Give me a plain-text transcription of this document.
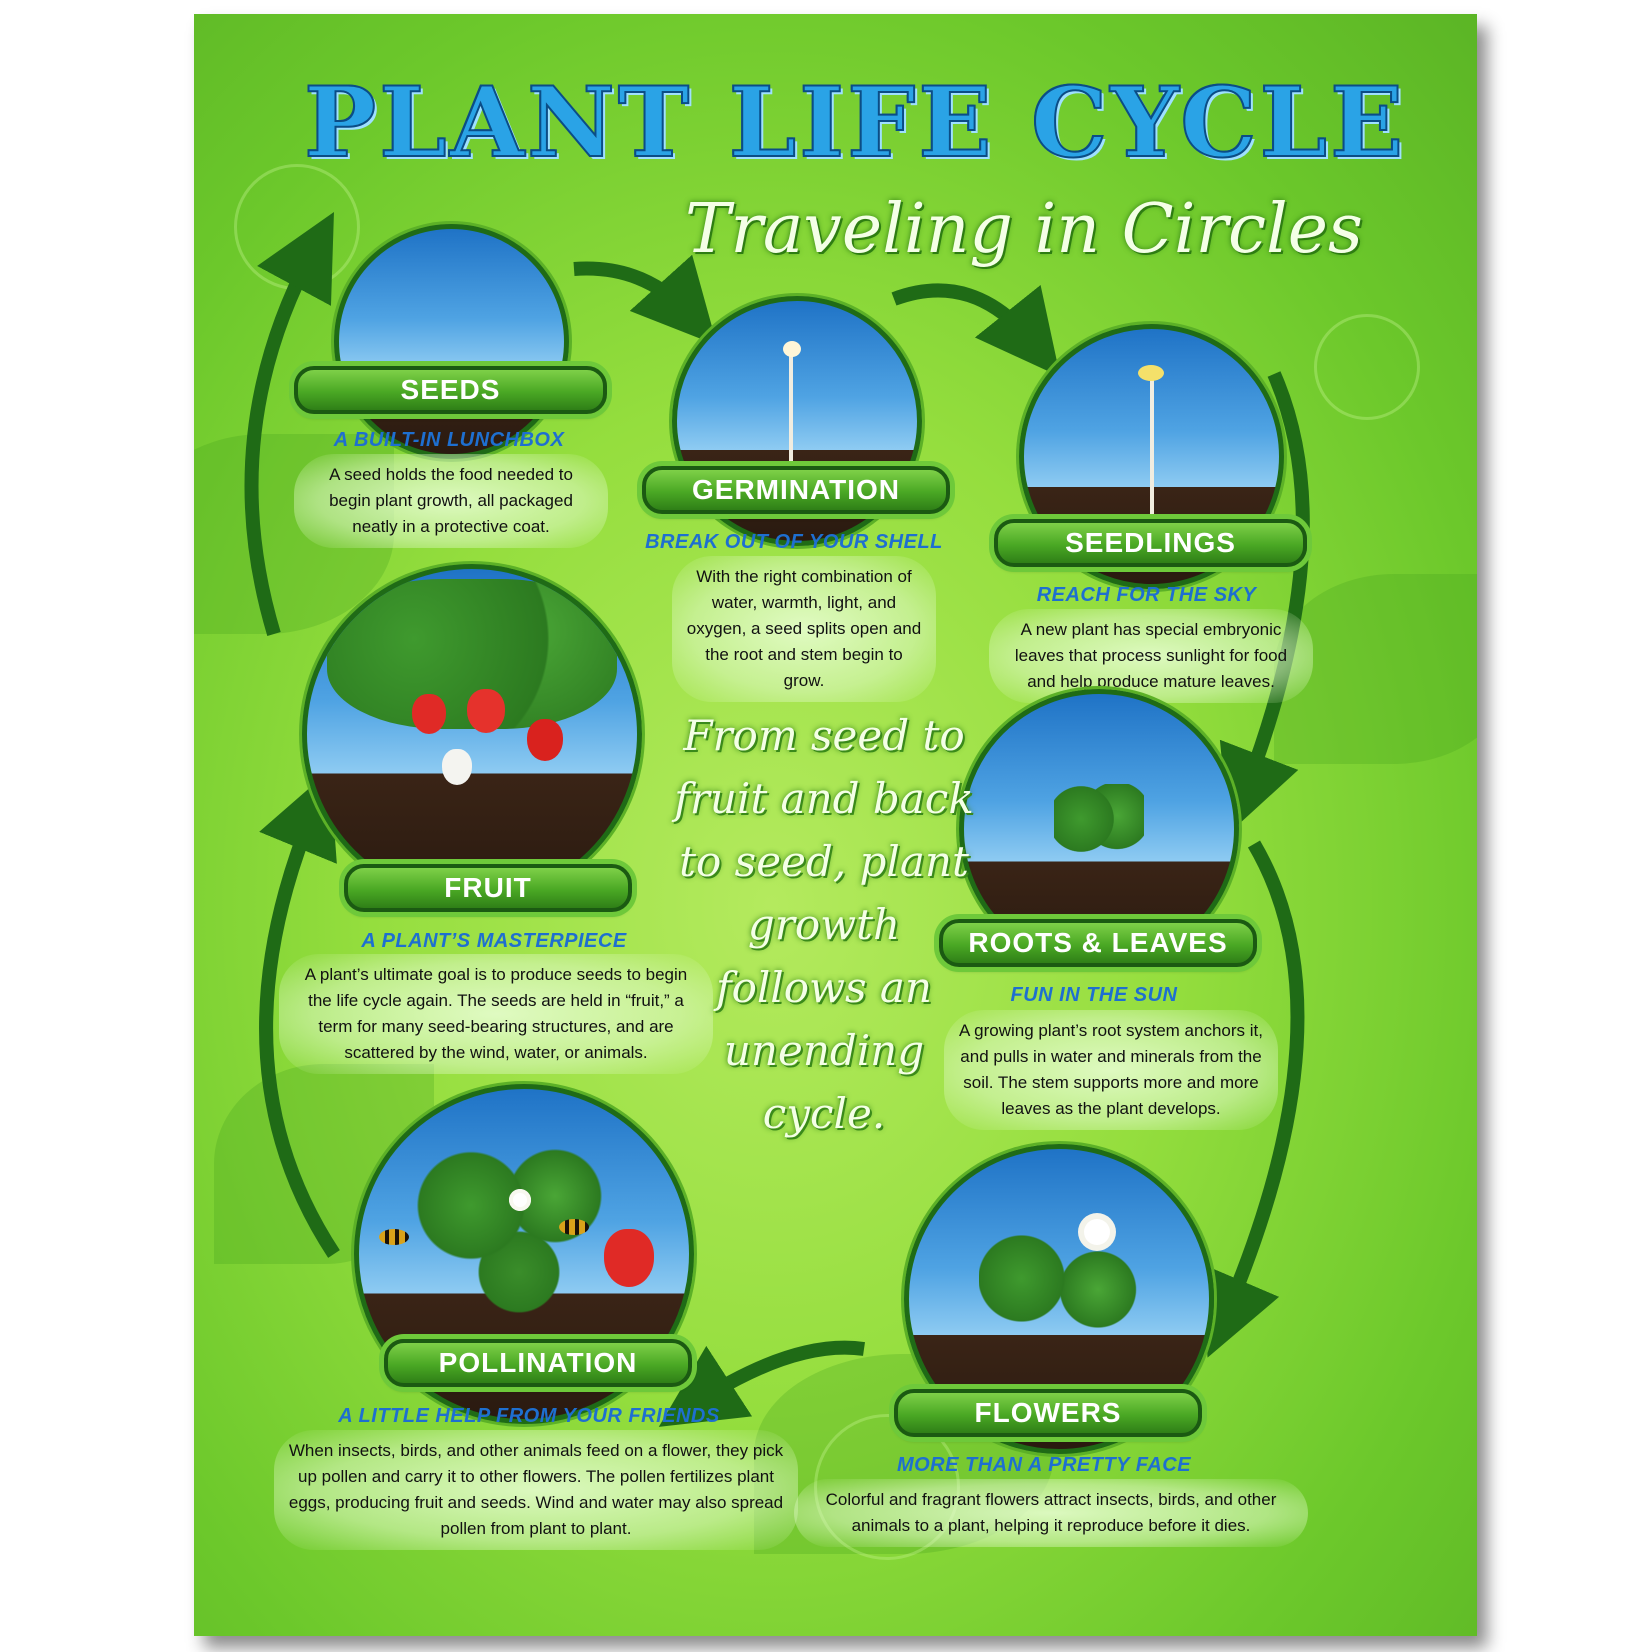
PLANT LIFE CYCLE
Traveling in Circles
SEEDS
A BUILT-IN LUNCHBOX
A seed holds the food needed to begin plant growth, all packaged neatly in a protective coat.
GERMINATION
BREAK OUT OF YOUR SHELL
With the right combination of water, warmth, light, and oxygen, a seed splits open and the root and stem begin to grow.
SEEDLINGS
REACH FOR THE SKY
A new plant has special embryonic leaves that process sunlight for food and help produce mature leaves.
FRUIT
A PLANT’S MASTERPIECE
A plant’s ultimate goal is to produce seeds to begin the life cycle again. The seeds are held in “fruit,” a term for many seed-bearing structures, and are scattered by the wind, water, or animals.
ROOTS & LEAVES
FUN IN THE SUN
A growing plant’s root system anchors it, and pulls in water and minerals from the soil. The stem supports more and more leaves as the plant develops.
POLLINATION
A LITTLE HELP FROM YOUR FRIENDS
When insects, birds, and other animals feed on a flower, they pick up pollen and carry it to other flowers. The pollen fertilizes plant eggs, producing fruit and seeds. Wind and water may also spread pollen from plant to plant.
FLOWERS
MORE THAN A PRETTY FACE
Colorful and fragrant flowers attract insects, birds, and other animals to a plant, helping it reproduce before it dies.
From seed to fruit and back to seed, plant growth follows an unending cycle.
